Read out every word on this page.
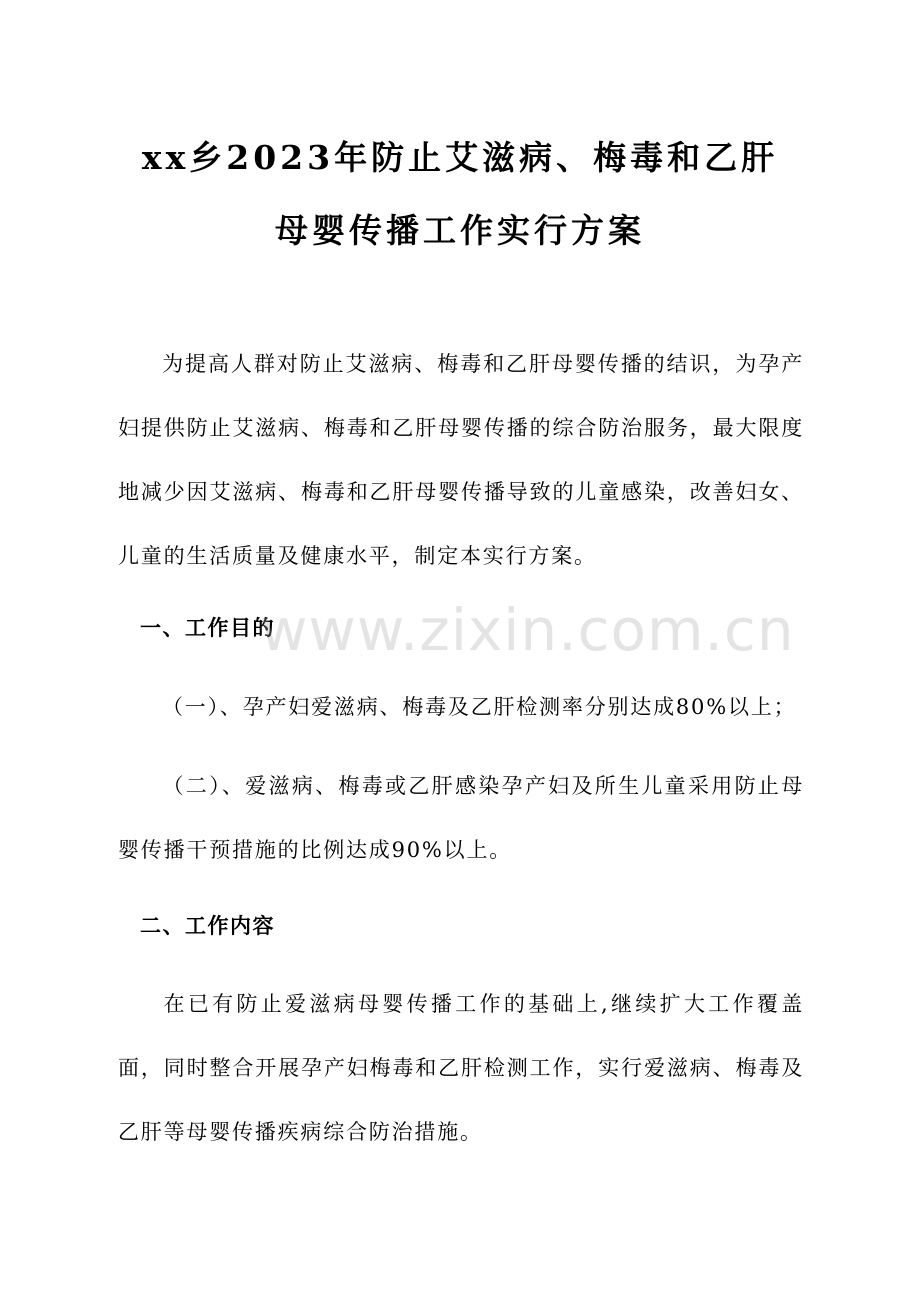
xx乡2023年防止艾滋病、梅毒和乙肝
母婴传播工作实行方案
为提高人群对防止艾滋病、梅毒和乙肝母婴传播的结识，为孕产妇提供防止艾滋病、梅毒和乙肝母婴传播的综合防治服务，最大限度地减少因艾滋病、梅毒和乙肝母婴传播导致的儿童感染，改善妇女、儿童的生活质量及健康水平，制定本实行方案。
一、工作目的
（一）、孕产妇爱滋病、梅毒及乙肝检测率分别达成80%以上；
（二）、爱滋病、梅毒或乙肝感染孕产妇及所生儿童采用防止母婴传播干预措施的比例达成90%以上。
二、工作内容
在已有防止爱滋病母婴传播工作的基础上,继续扩大工作覆盖面，同时整合开展孕产妇梅毒和乙肝检测工作，实行爱滋病、梅毒及乙肝等母婴传播疾病综合防治措施。
www.zixin.com.cn
